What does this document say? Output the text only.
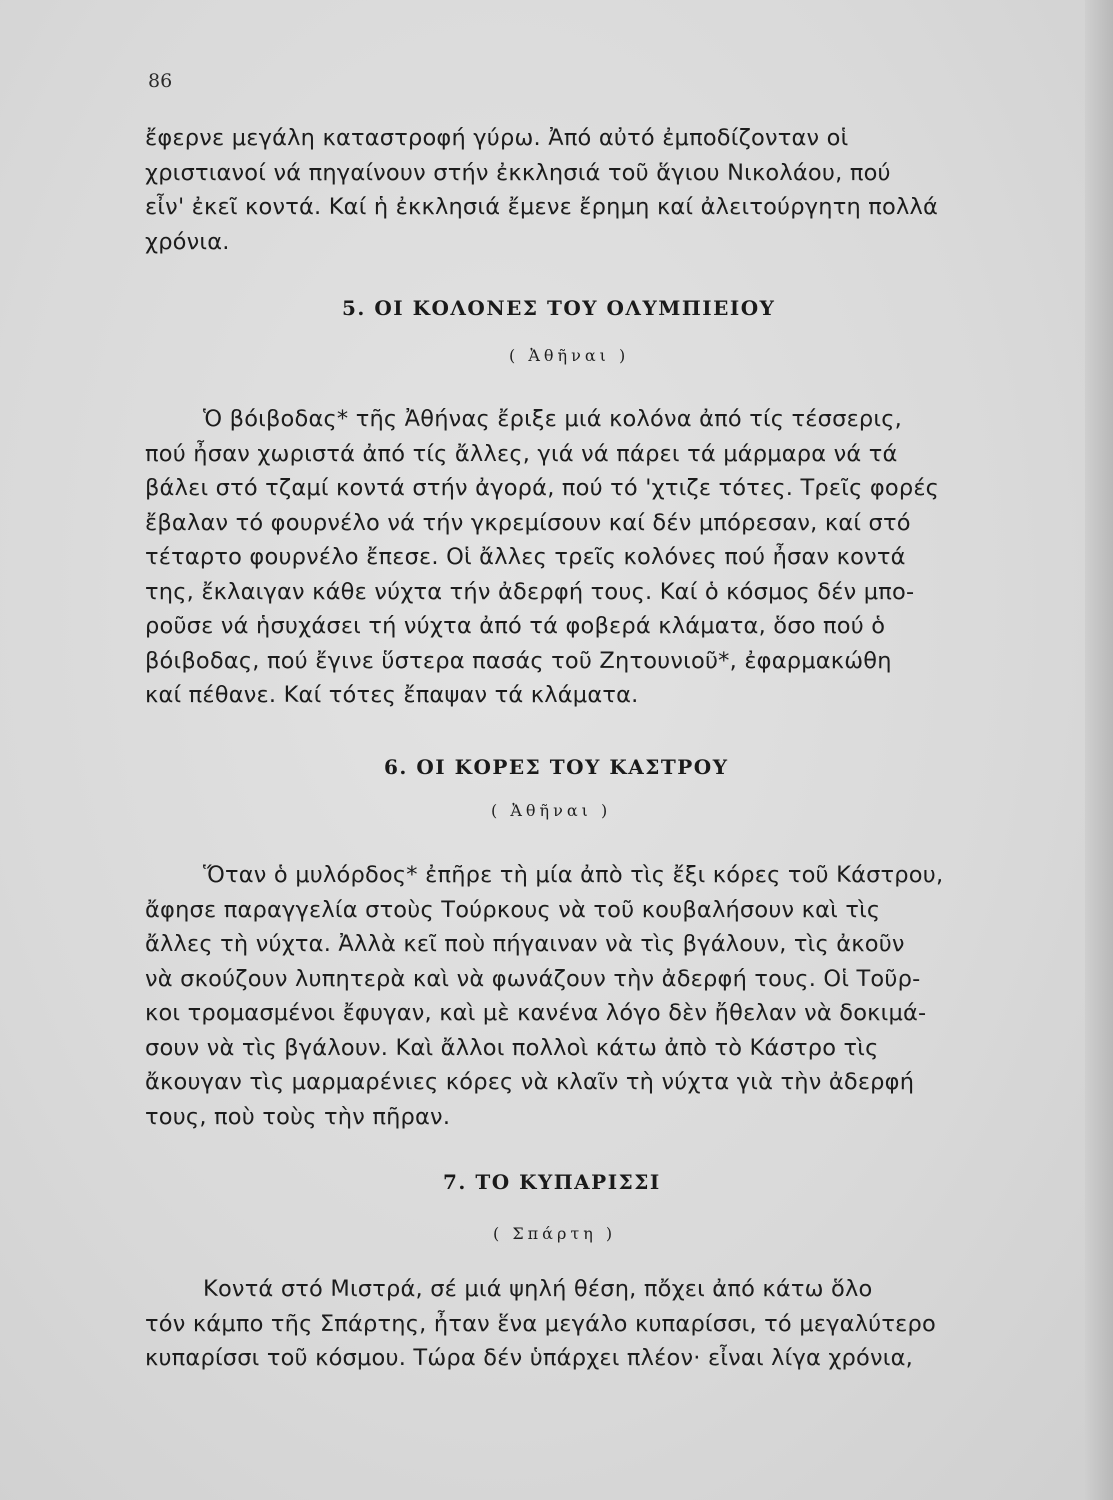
86
ἔφερνε μεγάλη καταστροφή γύρω. Ἀπό αὐτό ἐμποδίζονταν οἱ
χριστιανοί νά πηγαίνουν στήν ἐκκλησιά τοῦ ἅγιου Νικολάου, πού
εἶν' ἐκεῖ κοντά. Καί ἡ ἐκκλησιά ἔμενε ἔρημη καί ἀλειτούργητη πολλά
χρόνια.
5. ΟΙ ΚΟΛΟΝΕΣ ΤΟΥ ΟΛΥΜΠΙΕΙΟΥ
( Ἀθῆναι )
Ὁ βόιβοδας* τῆς Ἀθήνας ἔριξε μιά κολόνα ἀπό τίς τέσσερις,
πού ἦσαν χωριστά ἀπό τίς ἄλλες, γιά νά πάρει τά μάρμαρα νά τά
βάλει στό τζαμί κοντά στήν ἀγορά, πού τό 'χτιζε τότες. Τρεῖς φορές
ἔβαλαν τό φουρνέλο νά τήν γκρεμίσουν καί δέν μπόρεσαν, καί στό
τέταρτο φουρνέλο ἔπεσε. Οἱ ἄλλες τρεῖς κολόνες πού ἦσαν κοντά
της, ἔκλαιγαν κάθε νύχτα τήν ἀδερφή τους. Καί ὁ κόσμος δέν μπο-
ροῦσε νά ἡσυχάσει τή νύχτα ἀπό τά φοβερά κλάματα, ὅσο πού ὁ
βόιβοδας, πού ἔγινε ὕστερα πασάς τοῦ Ζητουνιοῦ*, ἐφαρμακώθη
καί πέθανε. Καί τότες ἔπαψαν τά κλάματα.
6. ΟΙ ΚΟΡΕΣ ΤΟΥ ΚΑΣΤΡΟΥ
( Ἀθῆναι )
Ὅταν ὁ μυλόρδος* ἐπῆρε τὴ μία ἀπὸ τὶς ἔξι κόρες τοῦ Κάστρου,
ἄφησε παραγγελία στοὺς Τούρκους νὰ τοῦ κουβαλήσουν καὶ τὶς
ἄλλες τὴ νύχτα. Ἀλλὰ κεῖ ποὺ πήγαιναν νὰ τὶς βγάλουν, τὶς ἀκοῦν
νὰ σκούζουν λυπητερὰ καὶ νὰ φωνάζουν τὴν ἀδερφή τους. Οἱ Τοῦρ-
κοι τρομασμένοι ἔφυγαν, καὶ μὲ κανένα λόγο δὲν ἤθελαν νὰ δοκιμά-
σουν νὰ τὶς βγάλουν. Καὶ ἄλλοι πολλοὶ κάτω ἀπὸ τὸ Κάστρο τὶς
ἄκουγαν τὶς μαρμαρένιες κόρες νὰ κλαῖν τὴ νύχτα γιὰ τὴν ἀδερφή
τους, ποὺ τοὺς τὴν πῆραν.
7. ΤΟ ΚΥΠΑΡΙΣΣΙ
( Σπάρτη )
Κοντά στό Μιστρά, σέ μιά ψηλή θέση, πὄχει ἀπό κάτω ὅλο
τόν κάμπο τῆς Σπάρτης, ἦταν ἕνα μεγάλο κυπαρίσσι, τό μεγαλύτερο
κυπαρίσσι τοῦ κόσμου. Τώρα δέν ὑπάρχει πλέον· εἶναι λίγα χρόνια,
